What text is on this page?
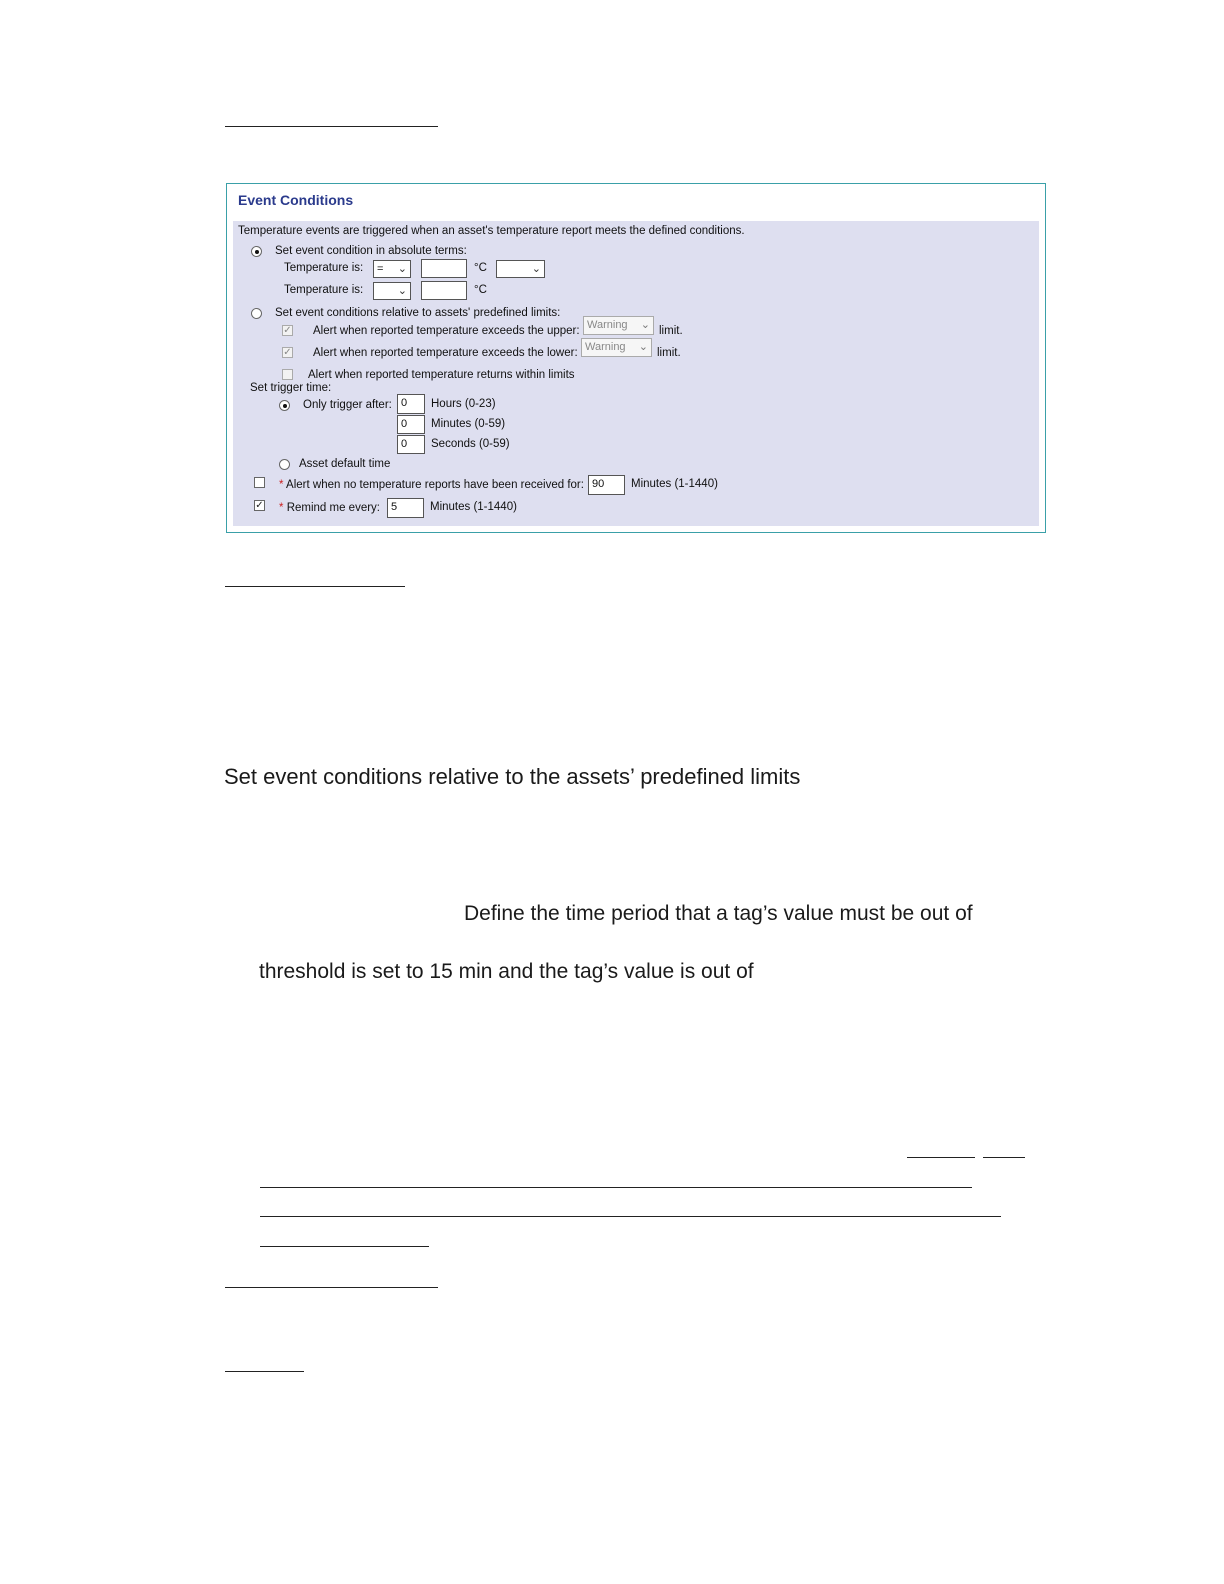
Event Conditions
Temperature events are triggered when an asset's temperature report meets the defined conditions.
Set event condition in absolute terms:
Temperature is:	= ⌄	°C	⌄
Temperature is:	⌄	°C
Set event conditions relative to assets' predefined limits:
✓ Alert when reported temperature exceeds the upper: Warning ⌄ limit.
✓ Alert when reported temperature exceeds the lower: Warning ⌄ limit.
Alert when reported temperature returns within limits
Set trigger time:
Only trigger after: 0	Hours (0-23)
0	Minutes (0-59)
0	Seconds (0-59)
Asset default time
* Alert when no temperature reports have been received for: 90	Minutes (1-1440)
✓ * Remind me every:	5	Minutes (1-1440)
Set event conditions relative to the assets’ predefined limits
Define the time period that a tag’s value must be out of
threshold is set to 15 min and the tag’s value is out of
